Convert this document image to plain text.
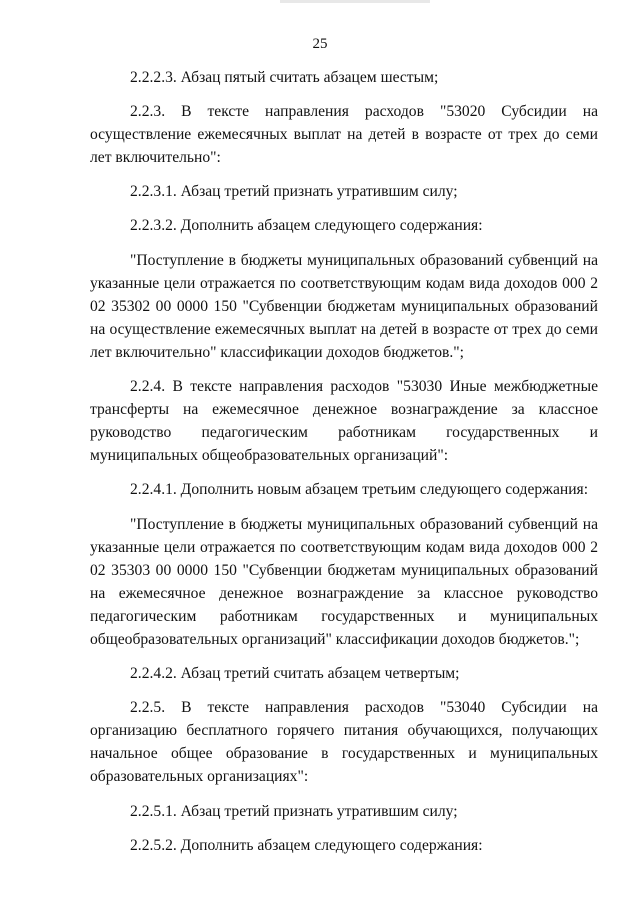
25

2.2.2.3. Абзац пятый считать абзацем шестым;

2.2.3. В тексте направления расходов "53020 Субсидии на осуществление ежемесячных выплат на детей в возрасте от трех до семи лет включительно":

2.2.3.1. Абзац третий признать утратившим силу;

2.2.3.2. Дополнить абзацем следующего содержания:

"Поступление в бюджеты муниципальных образований субвенций на указанные цели отражается по соответствующим кодам вида доходов 000 2 02 35302 00 0000 150 "Субвенции бюджетам муниципальных образований на осуществление ежемесячных выплат на детей в возрасте от трех до семи лет включительно" классификации доходов бюджетов.";

2.2.4. В тексте направления расходов "53030 Иные межбюджетные трансферты на ежемесячное денежное вознаграждение за классное руководство педагогическим работникам государственных и муниципальных общеобразовательных организаций":

2.2.4.1. Дополнить новым абзацем третьим следующего содержания:

"Поступление в бюджеты муниципальных образований субвенций на указанные цели отражается по соответствующим кодам вида доходов 000 2 02 35303 00 0000 150 "Субвенции бюджетам муниципальных образований на ежемесячное денежное вознаграждение за классное руководство педагогическим работникам государственных и муниципальных общеобразовательных организаций" классификации доходов бюджетов.";

2.2.4.2. Абзац третий считать абзацем четвертым;

2.2.5. В тексте направления расходов "53040 Субсидии на организацию бесплатного горячего питания обучающихся, получающих начальное общее образование в государственных и муниципальных образовательных организациях":

2.2.5.1. Абзац третий признать утратившим силу;

2.2.5.2. Дополнить абзацем следующего содержания:
